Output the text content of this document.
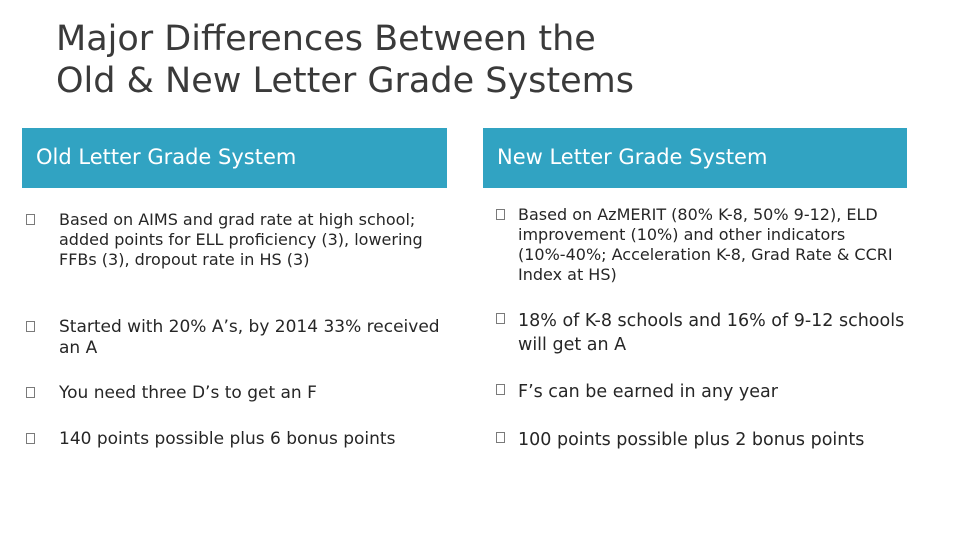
Major Differences Between the
Old & New Letter Grade Systems
Old Letter Grade System	New Letter Grade System
Based on AIMS and grad rate at high school; added points for ELL proficiency (3), lowering FFBs (3), dropout rate in HS (3)
Started with 20% A’s, by 2014 33% received an A
You need three D’s to get an F
140 points possible plus 6 bonus points
Based on AzMERIT (80% K-8, 50% 9-12), ELD improvement (10%) and other indicators (10%-40%; Acceleration K-8, Grad Rate & CCRI Index at HS)
18% of K-8 schools and 16% of 9-12 schools will get an A
F’s can be earned in any year
100 points possible plus 2 bonus points
